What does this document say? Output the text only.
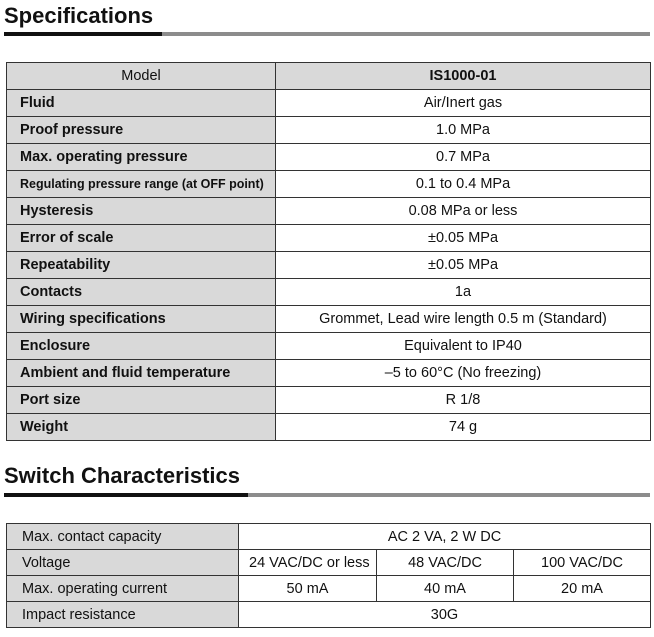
Specifications
Model	IS1000-01
Fluid	Air/Inert gas
Proof pressure	1.0 MPa
Max. operating pressure	0.7 MPa
Regulating pressure range (at OFF point)	0.1 to 0.4 MPa
Hysteresis	0.08 MPa or less
Error of scale	±0.05 MPa
Repeatability	±0.05 MPa
Contacts	1a
Wiring specifications	Grommet, Lead wire length 0.5 m (Standard)
Enclosure	Equivalent to IP40
Ambient and fluid temperature	–5 to 60°C (No freezing)
Port size	R 1/8
Weight	74 g
Switch Characteristics
Max. contact capacity	AC 2 VA, 2 W DC		
Voltage	24 VAC/DC or less	48 VAC/DC	100 VAC/DC
Max. operating current	50 mA	40 mA	20 mA
Impact resistance	30G		
